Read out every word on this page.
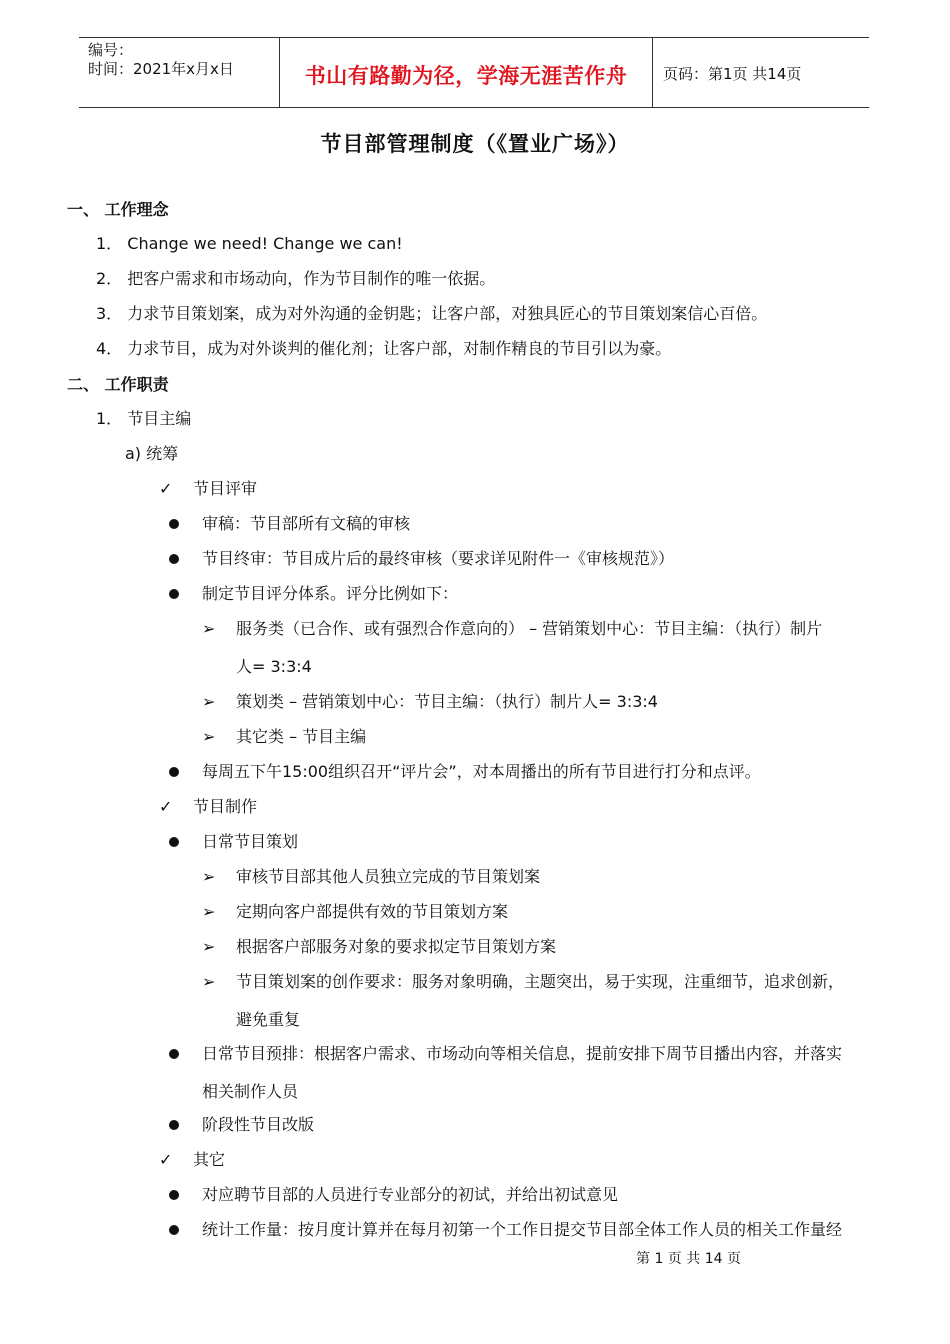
编号：
时间：2021年x月x日	书山有路勤为径，学海无涯苦作舟	页码：第1页 共14页
节目部管理制度（《置业广场》）
一、 工作理念
1． Change we need! Change we can!
2． 把客户需求和市场动向，作为节目制作的唯一依据。
3． 力求节目策划案，成为对外沟通的金钥匙；让客户部，对独具匠心的节目策划案信心百倍。
4． 力求节目，成为对外谈判的催化剂；让客户部，对制作精良的节目引以为豪。
二、 工作职责
1． 节目主编
a) 统筹
✓ 节目评审
审稿：节目部所有文稿的审核
节目终审：节目成片后的最终审核（要求详见附件一《审核规范》）
制定节目评分体系。评分比例如下：
➢ 服务类（已合作、或有强烈合作意向的） – 营销策划中心：节目主编：（执行）制片
人= 3:3:4
➢ 策划类 – 营销策划中心：节目主编：（执行）制片人= 3:3:4
➢ 其它类 – 节目主编
每周五下午15:00组织召开“评片会”，对本周播出的所有节目进行打分和点评。
✓ 节目制作
日常节目策划
➢ 审核节目部其他人员独立完成的节目策划案
➢ 定期向客户部提供有效的节目策划方案
➢ 根据客户部服务对象的要求拟定节目策划方案
➢ 节目策划案的创作要求：服务对象明确，主题突出，易于实现，注重细节，追求创新，
避免重复
日常节目预排：根据客户需求、市场动向等相关信息，提前安排下周节目播出内容，并落实
相关制作人员
阶段性节目改版
✓ 其它
对应聘节目部的人员进行专业部分的初试，并给出初试意见
统计工作量：按月度计算并在每月初第一个工作日提交节目部全体工作人员的相关工作量经
第 1 页 共 14 页
